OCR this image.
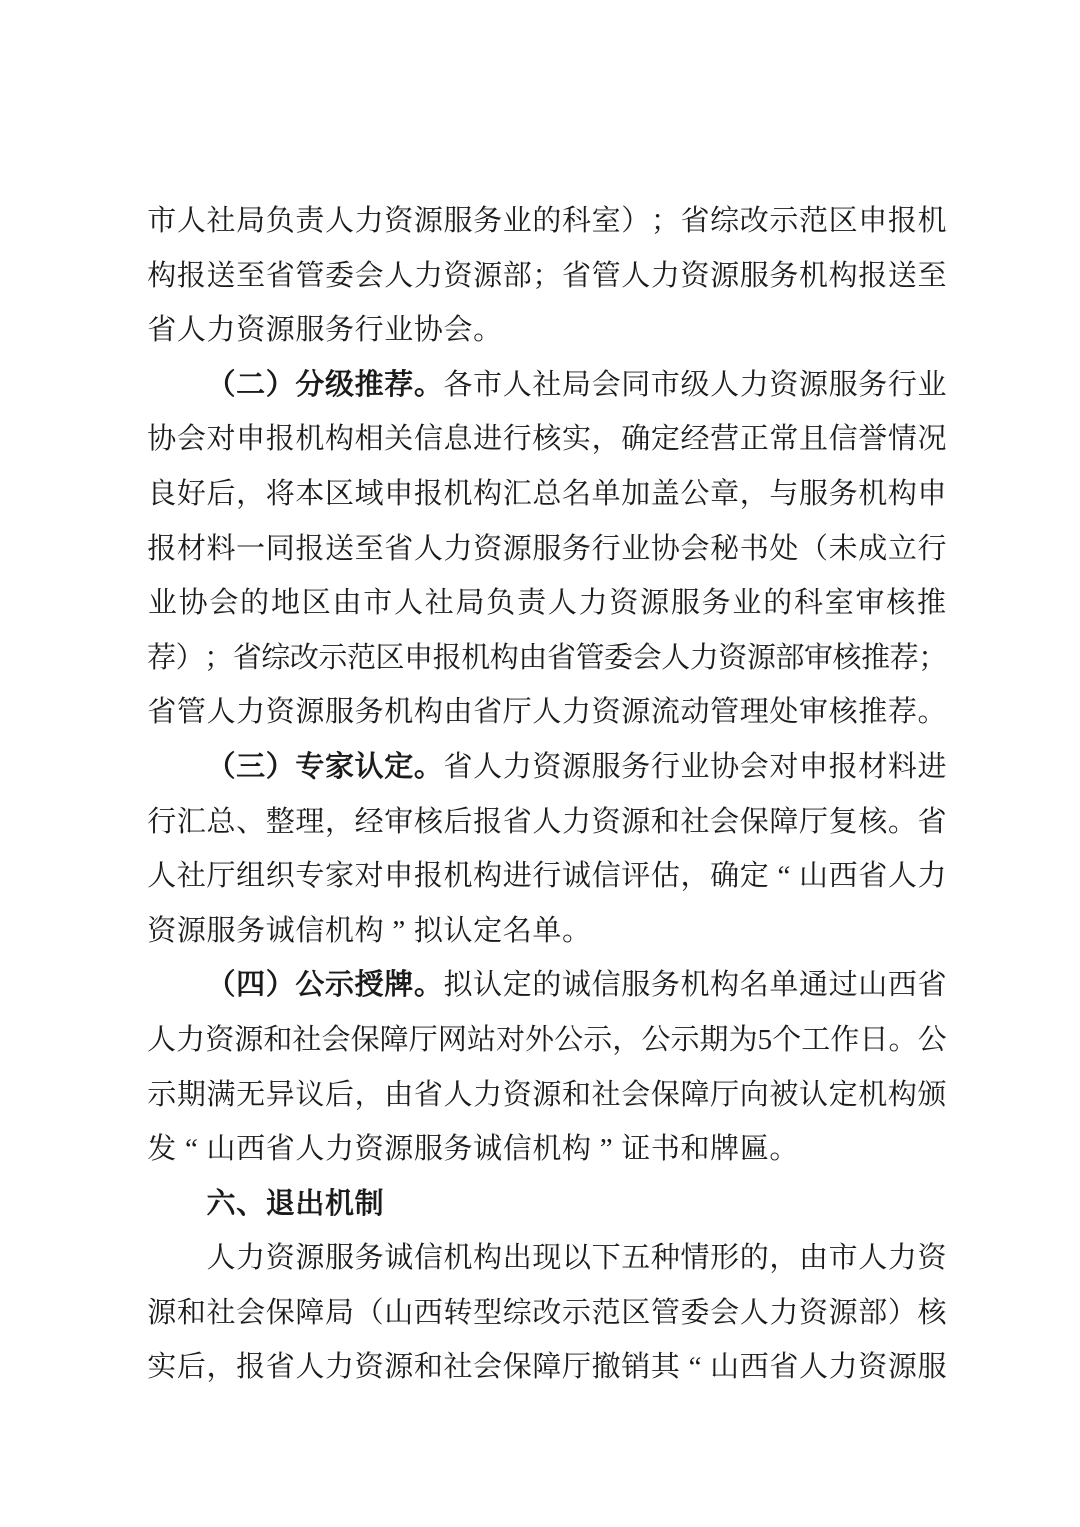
市 人 社 局 负 责 人 力 资 源 服 务 业 的 科 室 ） ； 省 综 改 示 范 区 申 报 机
构 报 送 至 省 管 委 会 人 力 资 源 部 ； 省 管 人 力 资 源 服 务 机 构 报 送 至
省 人 力 资 源 服 务 行 业 协 会 。
（ 二 ） 分 级 推 荐 。 各 市 人 社 局 会 同 市 级 人 力 资 源 服 务 行 业
协 会 对 申 报 机 构 相 关 信 息 进 行 核 实 ， 确 定 经 营 正 常 且 信 誉 情 况
良 好 后 ， 将 本 区 域 申 报 机 构 汇 总 名 单 加 盖 公 章 ， 与 服 务 机 构 申
报 材 料 一 同 报 送 至 省 人 力 资 源 服 务 行 业 协 会 秘 书 处 （ 未 成 立 行
业 协 会 的 地 区 由 市 人 社 局 负 责 人 力 资 源 服 务 业 的 科 室 审 核 推
荐 ） ； 省 综 改 示 范 区 申 报 机 构 由 省 管 委 会 人 力 资 源 部 审 核 推 荐 ；
省 管 人 力 资 源 服 务 机 构 由 省 厅 人 力 资 源 流 动 管 理 处 审 核 推 荐 。
（ 三 ） 专 家 认 定 。 省 人 力 资 源 服 务 行 业 协 会 对 申 报 材 料 进
行 汇 总 、 整 理 ， 经 审 核 后 报 省 人 力 资 源 和 社 会 保 障 厅 复 核 。 省
人 社 厅 组 织 专 家 对 申 报 机 构 进 行 诚 信 评 估 ， 确 定 “ 山 西 省 人 力
资 源 服 务 诚 信 机 构 ” 拟 认 定 名 单 。
（ 四 ） 公 示 授 牌 。 拟 认 定 的 诚 信 服 务 机 构 名 单 通 过 山 西 省
人 力 资 源 和 社 会 保 障 厅 网 站 对 外 公 示 ， 公 示 期 为 5 个 工 作 日 。 公
示 期 满 无 异 议 后 ， 由 省 人 力 资 源 和 社 会 保 障 厅 向 被 认 定 机 构 颁
发 “ 山 西 省 人 力 资 源 服 务 诚 信 机 构 ” 证 书 和 牌 匾 。
六 、 退 出 机 制
人 力 资 源 服 务 诚 信 机 构 出 现 以 下 五 种 情 形 的 ， 由 市 人 力 资
源 和 社 会 保 障 局 （ 山 西 转 型 综 改 示 范 区 管 委 会 人 力 资 源 部 ） 核
实 后 ， 报 省 人 力 资 源 和 社 会 保 障 厅 撤 销 其 “ 山 西 省 人 力 资 源 服
